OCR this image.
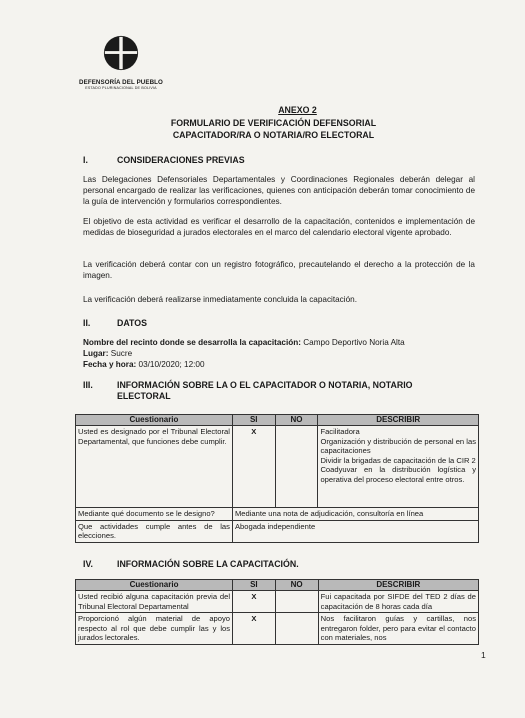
DEFENSORÍA DEL PUEBLO
ESTADO PLURINACIONAL DE BOLIVIA
ANEXO 2
FORMULARIO DE VERIFICACIÓN DEFENSORIAL
CAPACITADOR/RA O NOTARIA/RO ELECTORAL
I.	CONSIDERACIONES PREVIAS
Las Delegaciones Defensoriales Departamentales y Coordinaciones Regionales deberán delegar al personal encargado de realizar las verificaciones, quienes con anticipación deberán tomar conocimiento de la guía de intervención y formularios correspondientes.
El objetivo de esta actividad es verificar el desarrollo de la capacitación, contenidos e implementación de medidas de bioseguridad a jurados electorales en el marco del calendario electoral vigente aprobado.
La verificación deberá contar con un registro fotográfico, precautelando el derecho a la protección de la imagen.
La verificación deberá realizarse inmediatamente concluida la capacitación.
II.	DATOS
Nombre del recinto donde se desarrolla la capacitación: Campo Deportivo Noria Alta
Lugar: Sucre
Fecha y hora: 03/10/2020; 12:00
III.	INFORMACIÓN SOBRE LA O EL CAPACITADOR O NOTARIA, NOTARIO
ELECTORAL
Cuestionario	SI	NO	DESCRIBIR
Usted es designado por el Tribunal Electoral Departamental, que funciones debe cumplir.	X		Facilitadora
Organización y distribución de personal en las capacitaciones
Dividir la brigadas de capacitación de la CIR 2
Coadyuvar en la distribución logística y operativa del proceso electoral entre otros.

Mediante qué documento se le designo?	Mediante una nota de adjudicación, consultoría en línea		
Que actividades cumple antes de las elecciones.	Abogada independiente		
IV.	INFORMACIÓN SOBRE LA CAPACITACIÓN.
Cuestionario	SI	NO	DESCRIBIR
Usted recibió alguna capacitación previa del Tribunal Electoral Departamental	X		Fui capacitada por SIFDE del TED 2 días de capacitación de 8 horas cada día
Proporcionó algún material de apoyo respecto al rol que debe cumplir las y los jurados lectorales.	X		Nos facilitaron guías y cartillas, nos entregaron folder, pero para evitar el contacto con materiales, nos
1
